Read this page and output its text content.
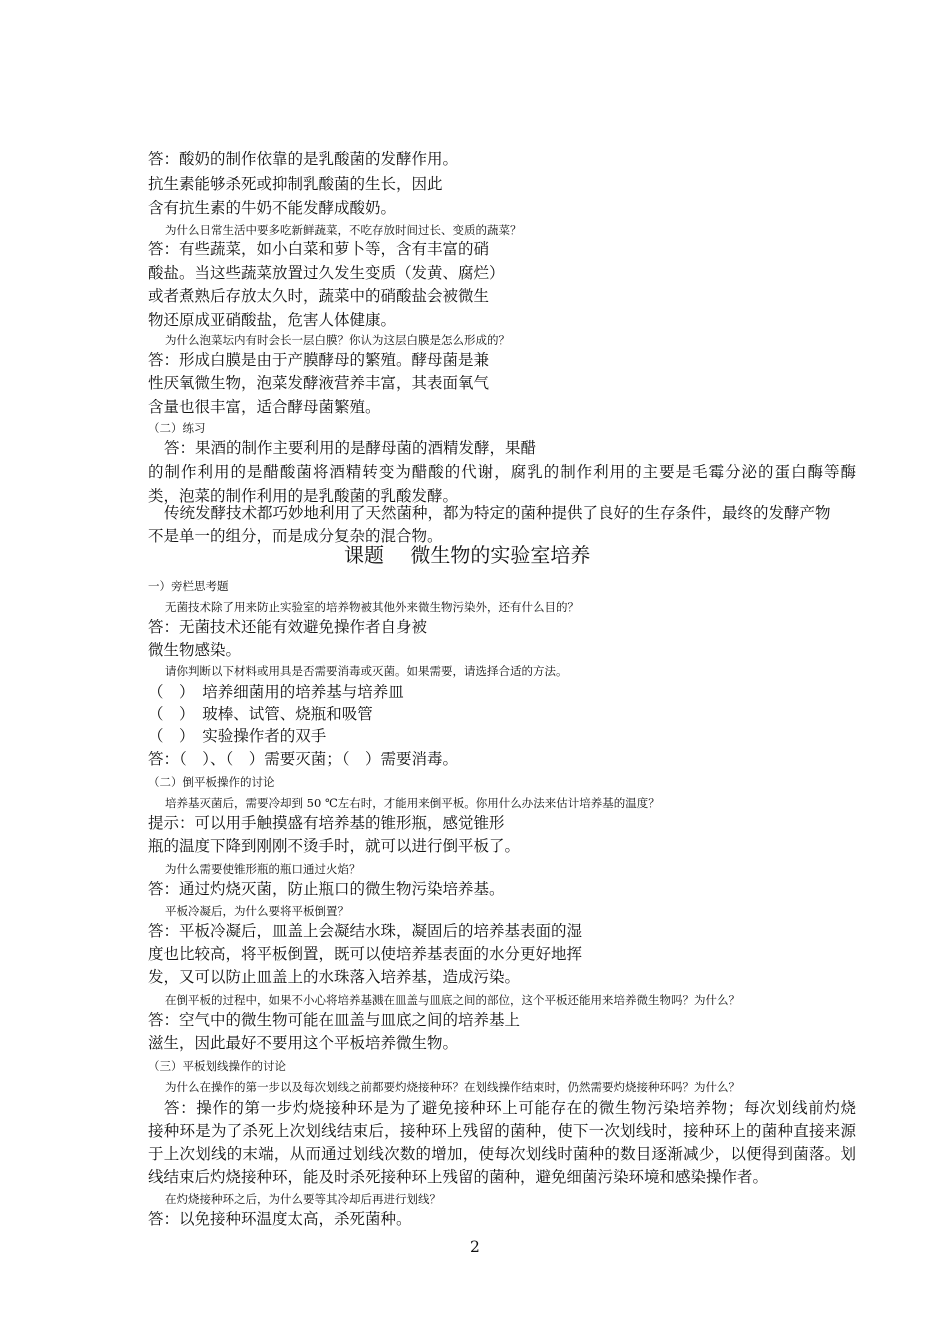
答：酸奶的制作依靠的是乳酸菌的发酵作用。
抗生素能够杀死或抑制乳酸菌的生长，因此
含有抗生素的牛奶不能发酵成酸奶。
为什么日常生活中要多吃新鲜蔬菜，不吃存放时间过长、变质的蔬菜？
答：有些蔬菜，如小白菜和萝卜等，含有丰富的硝
酸盐。当这些蔬菜放置过久发生变质（发黄、腐烂）
或者煮熟后存放太久时，蔬菜中的硝酸盐会被微生
物还原成亚硝酸盐，危害人体健康。
为什么泡菜坛内有时会长一层白膜？你认为这层白膜是怎么形成的？
答：形成白膜是由于产膜酵母的繁殖。酵母菌是兼
性厌氧微生物，泡菜发酵液营养丰富，其表面氧气
含量也很丰富，适合酵母菌繁殖。
（二）练习
答：果酒的制作主要利用的是酵母菌的酒精发酵，果醋
的制作利用的是醋酸菌将酒精转变为醋酸的代谢，腐乳的制作利用的主要是毛霉分泌的蛋白酶等酶
类，泡菜的制作利用的是乳酸菌的乳酸发酵。
传统发酵技术都巧妙地利用了天然菌种，都为特定的菌种提供了良好的生存条件，最终的发酵产物
不是单一的组分，而是成分复杂的混合物。
课题　 微生物的实验室培养
一）旁栏思考题
无菌技术除了用来防止实验室的培养物被其他外来微生物污染外，还有什么目的？
答：无菌技术还能有效避免操作者自身被
微生物感染。
请你判断以下材料或用具是否需要消毒或灭菌。如果需要，请选择合适的方法。
（　）　培养细菌用的培养基与培养皿
（　）　玻棒、试管、烧瓶和吸管
（　）　实验操作者的双手
答：（　）、（　）需要灭菌；（　）需要消毒。
（二）倒平板操作的讨论
培养基灭菌后，需要冷却到 50 ℃左右时，才能用来倒平板。你用什么办法来估计培养基的温度？
提示：可以用手触摸盛有培养基的锥形瓶，感觉锥形
瓶的温度下降到刚刚不烫手时，就可以进行倒平板了。
为什么需要使锥形瓶的瓶口通过火焰？
答：通过灼烧灭菌，防止瓶口的微生物污染培养基。
平板冷凝后，为什么要将平板倒置？
答：平板冷凝后，皿盖上会凝结水珠，凝固后的培养基表面的湿
度也比较高，将平板倒置，既可以使培养基表面的水分更好地挥
发，又可以防止皿盖上的水珠落入培养基，造成污染。
在倒平板的过程中，如果不小心将培养基溅在皿盖与皿底之间的部位，这个平板还能用来培养微生物吗？为什么？
答：空气中的微生物可能在皿盖与皿底之间的培养基上
滋生，因此最好不要用这个平板培养微生物。
（三）平板划线操作的讨论
为什么在操作的第一步以及每次划线之前都要灼烧接种环？在划线操作结束时，仍然需要灼烧接种环吗？为什么？
答：操作的第一步灼烧接种环是为了避免接种环上可能存在的微生物污染培养物；每次划线前灼烧
接种环是为了杀死上次划线结束后，接种环上残留的菌种，使下一次划线时，接种环上的菌种直接来源
于上次划线的末端，从而通过划线次数的增加，使每次划线时菌种的数目逐渐减少，以便得到菌落。划
线结束后灼烧接种环，能及时杀死接种环上残留的菌种，避免细菌污染环境和感染操作者。
在灼烧接种环之后，为什么要等其冷却后再进行划线？
答：以免接种环温度太高，杀死菌种。
2
